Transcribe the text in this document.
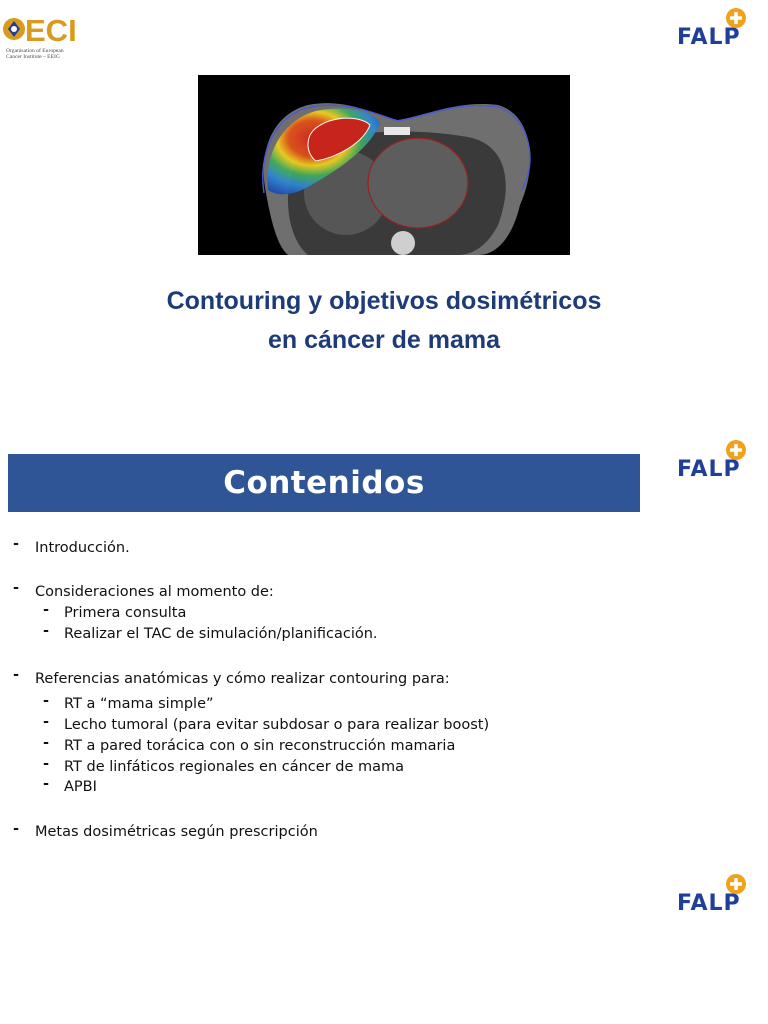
ECI
Organisation of European
Cancer Institute – EEIG
FALP
FALP
FALP
Contouring y objetivos dosimétricos
en cáncer de mama
Contenidos
- Introducción.
- Consideraciones al momento de:
- Primera consulta
- Realizar el TAC de simulación/planificación.
- Referencias anatómicas y cómo realizar contouring para:
- RT a “mama simple”
- Lecho tumoral (para evitar subdosar o para realizar boost)
- RT a pared torácica con o sin reconstrucción mamaria
- RT de linfáticos regionales en cáncer de mama
- APBI
- Metas dosimétricas según prescripción
